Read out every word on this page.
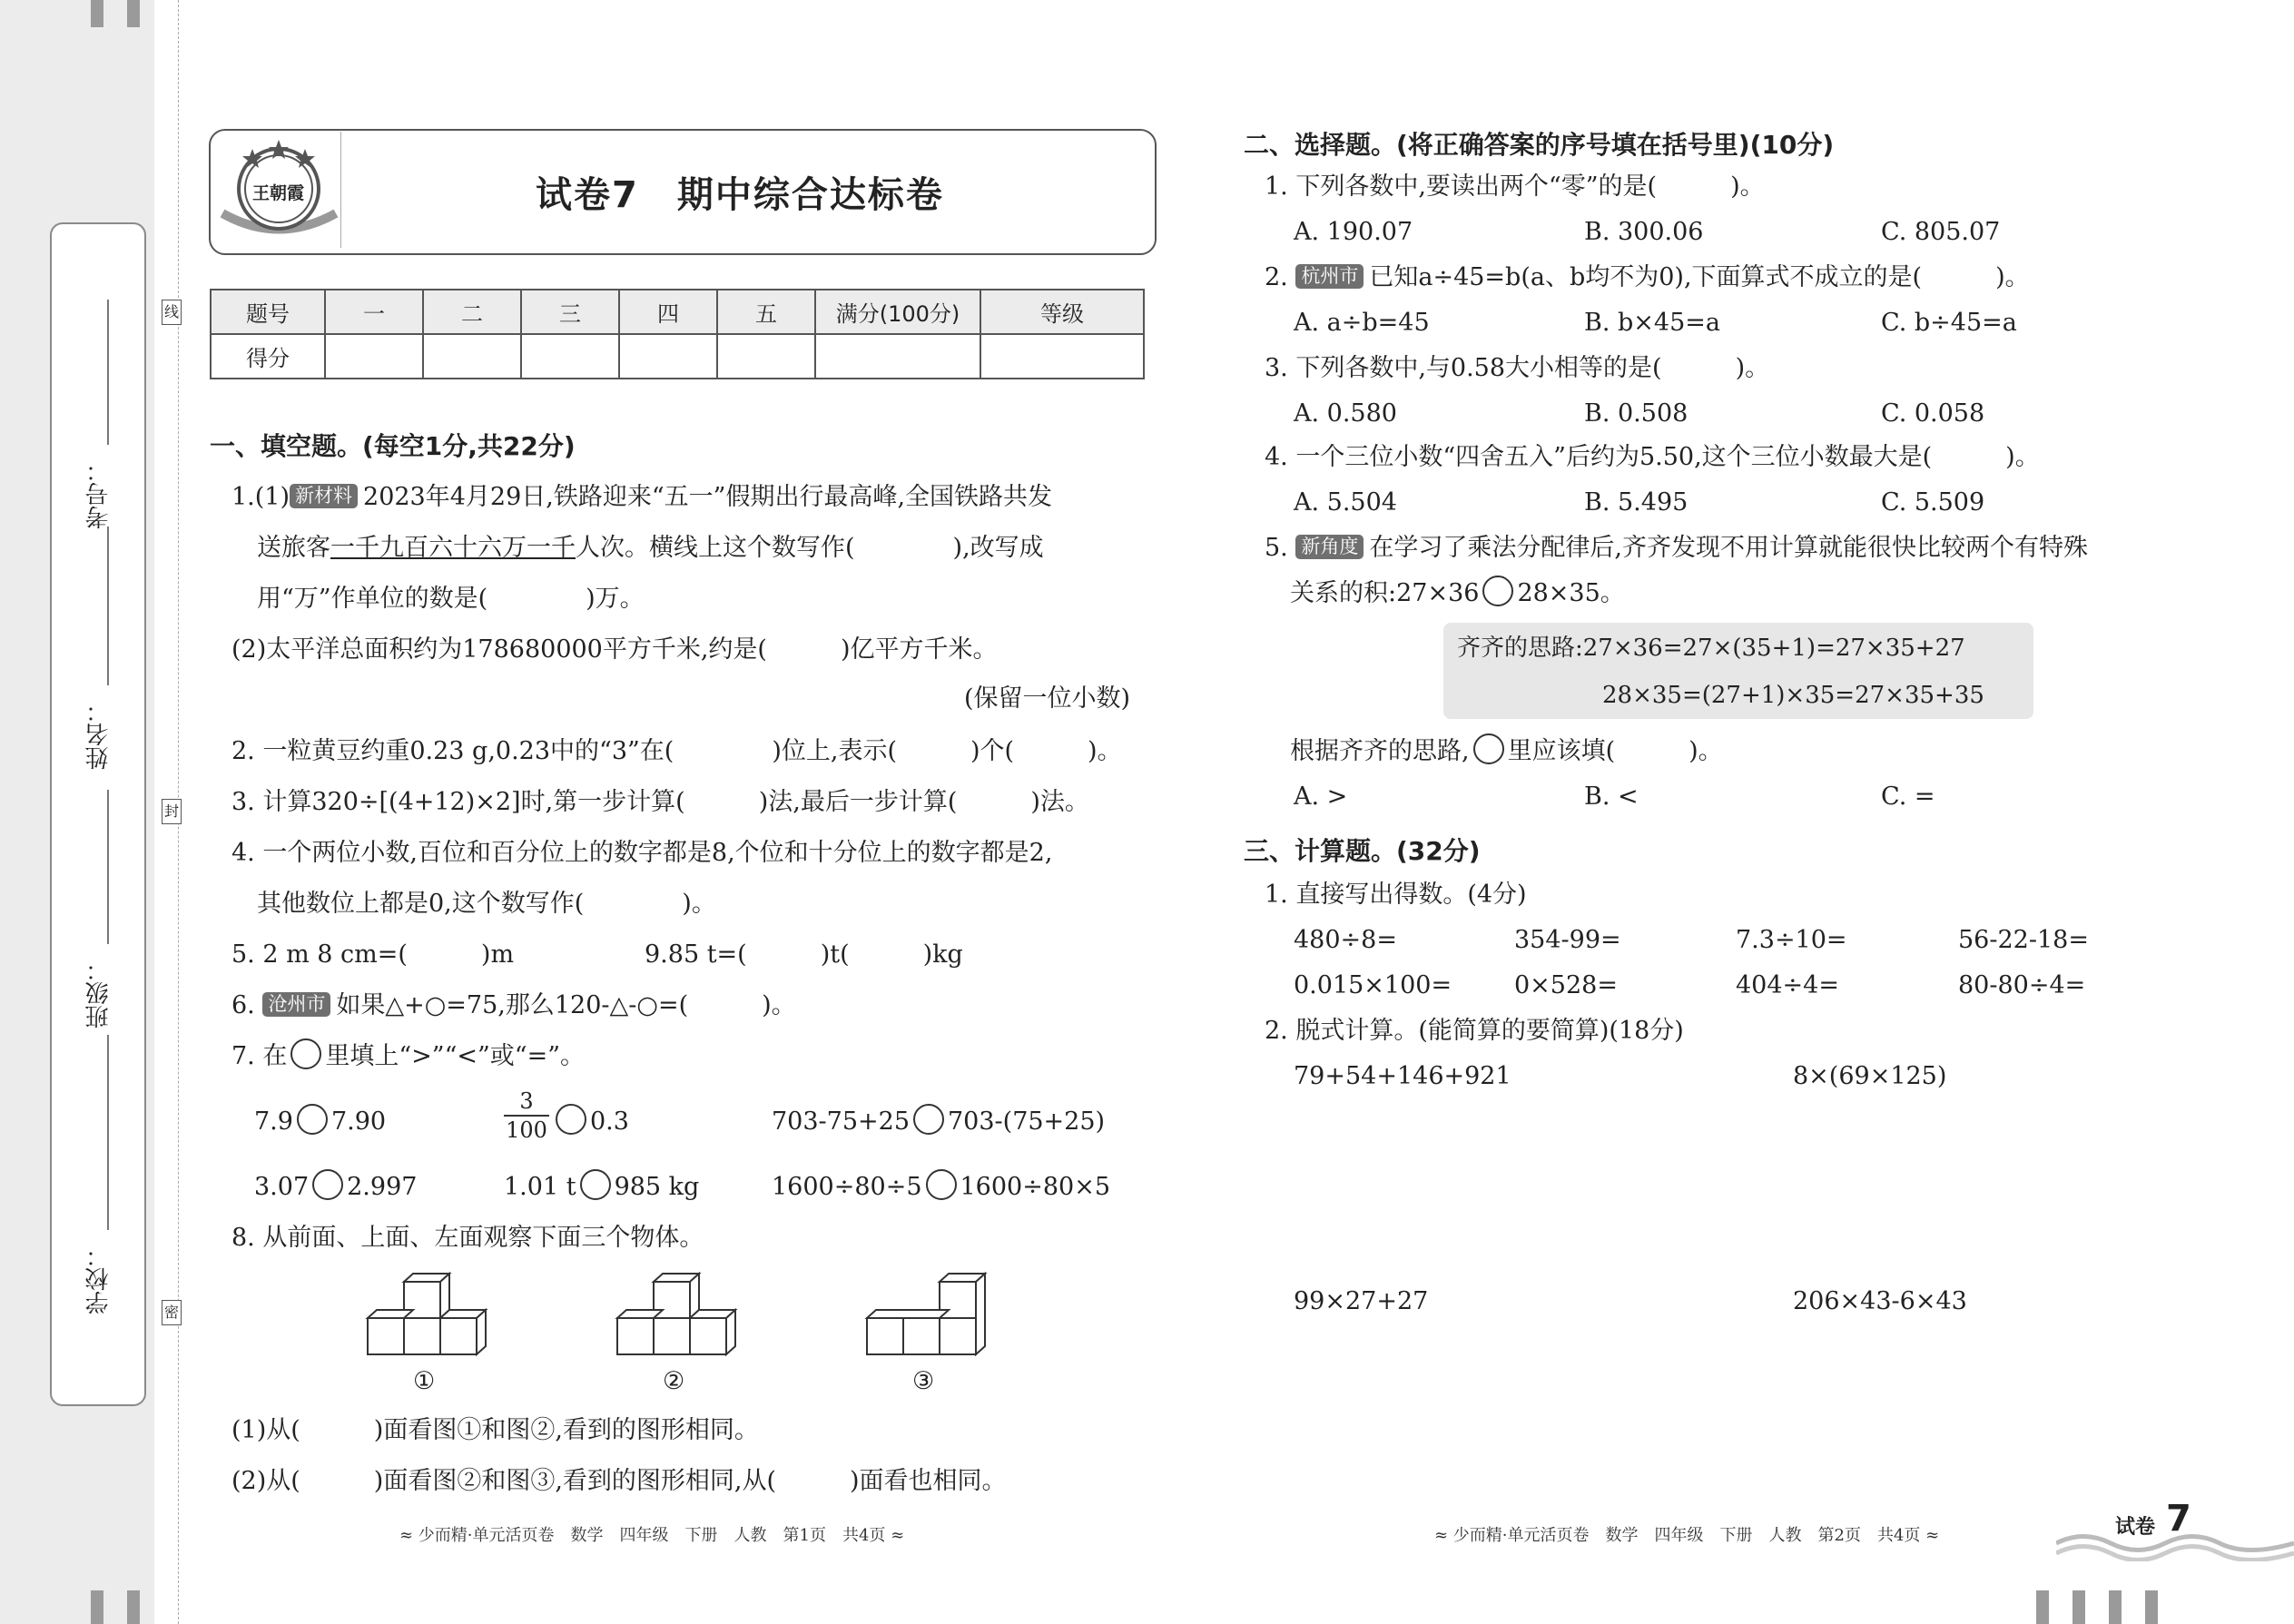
考号：
姓名：
班级：
学校：
线
封
密
王朝霞	试卷7　期中综合达标卷
题号	一	二	三	四	五	满分(100分)	等级
得分							
一、填空题。(每空1分,共22分)
1.(1) 新材料 2023年4月29日,铁路迎来“五一”假期出行最高峰,全国铁路共发
送旅客一千九百六十六万一千人次。横线上这个数写作(　　　　),改写成
用“万”作单位的数是(　　　　)万。
(2)太平洋总面积约为178680000平方千米,约是(　　　)亿平方千米。
(保留一位小数)
2. 一粒黄豆约重0.23 g,0.23中的“3”在(　　　　)位上,表示(　　　)个(　　　)。
3. 计算320÷[(4+12)×2]时,第一步计算(　　　)法,最后一步计算(　　　)法。
4. 一个两位小数,百位和百分位上的数字都是8,个位和十分位上的数字都是2,
其他数位上都是0,这个数写作(　　　　)。
5. 2 m 8 cm=(　　　)m	9.85 t=(　　　)t(　　　)kg
6. 沧州市 如果△+○=75,那么120-△-○=(　　　)。
7. 在 里填上“>”“<”或“=”。
7.9 7.90	$\frac{3}{100}$	0.3	703-75+25 703-(75+25)
3.07 2.997	1.01 t 985 kg	1600÷80÷5 1600÷80×5
8. 从前面、上面、左面观察下面三个物体。
①	②	③
(1)从(　　　)面看图①和图②,看到的图形相同。
(2)从(　　　)面看图②和图③,看到的图形相同,从(　　　)面看也相同。
≈ 少而精·单元活页卷　数学　四年级　下册　人教　第1页　共4页 ≈
二、选择题。(将正确答案的序号填在括号里)(10分)
1. 下列各数中,要读出两个“零”的是(　　　)。
A. 190.07	B. 300.06	C. 805.07
2. 杭州市 已知a÷45=b(a、b均不为0),下面算式不成立的是(　　　)。
A. a÷b=45	B. b×45=a	C. b÷45=a
3. 下列各数中,与0.58大小相等的是(　　　)。
A. 0.580	B. 0.508	C. 0.058
4. 一个三位小数“四舍五入”后约为5.50,这个三位小数最大是(　　　)。
A. 5.504	B. 5.495	C. 5.509
5. 新角度 在学习了乘法分配律后,齐齐发现不用计算就能很快比较两个有特殊
关系的积:27×36 28×35。
齐齐的思路:27×36=27×(35+1)=27×35+27
28×35=(27+1)×35=27×35+35
根据齐齐的思路, 里应该填(　　　)。
A. >	B. <	C. =
三、计算题。(32分)
1. 直接写出得数。(4分)
480÷8=	354-99=	7.3÷10=	56-22-18=
0.015×100=	0×528=	404÷4=	80-80÷4=
2. 脱式计算。(能简算的要简算)(18分)
79+54+146+921	8×(69×125)
99×27+27	206×43-6×43
≈ 少而精·单元活页卷　数学　四年级　下册　人教　第2页　共4页 ≈	试卷 7
